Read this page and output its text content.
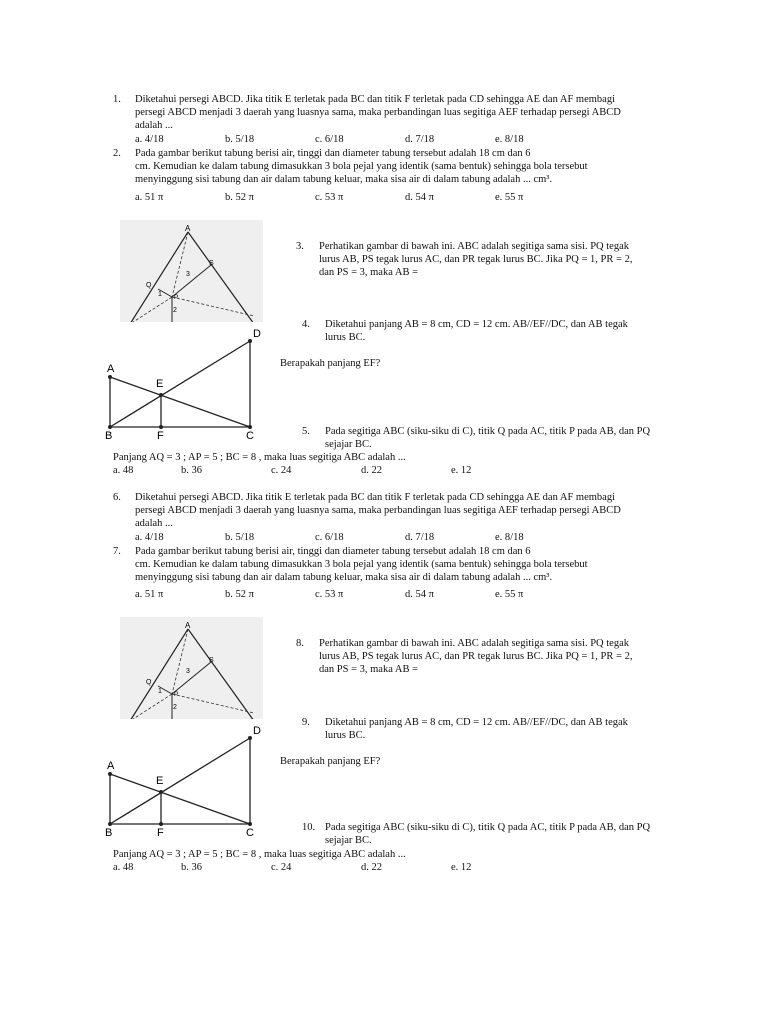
1. Diketahui persegi ABCD. Jika titik E terletak pada BC dan titik F terletak pada CD sehingga AE dan AF membagi
persegi ABCD menjadi 3 daerah yang luasnya sama, maka perbandingan luas segitiga AEF terhadap persegi ABCD
adalah ...
a. 4/18	b. 5/18	c. 6/18	d. 7/18	e. 8/18
2. Pada gambar berikut tabung berisi air, tinggi dan diameter tabung tersebut adalah 18 cm dan 6
cm. Kemudian ke dalam tabung dimasukkan 3 bola pejal yang identik (sama bentuk) sehingga bola tersebut
menyinggung sisi tabung dan air dalam tabung keluar, maka sisa air di dalam tabung adalah ... cm³.
a. 51 π	b. 52 π	c. 53 π	d. 54 π	e. 55 π
A
S
Q
P
1
2
3
3. Perhatikan gambar di bawah ini. ABC adalah segitiga sama sisi. PQ tegak
lurus AB, PS tegak lurus AC, dan PR tegak lurus BC. Jika PQ = 1, PR = 2,
dan PS = 3, maka AB =
A
B	C
D
E
F
4. Diketahui panjang AB = 8 cm, CD = 12 cm. AB//EF//DC, dan AB tegak
lurus BC.
Berapakah panjang EF?
5. Pada segitiga ABC (siku-siku di C), titik Q pada AC, titik P pada AB, dan PQ
sejajar BC.
Panjang AQ = 3 ; AP = 5 ; BC = 8 , maka luas segitiga ABC adalah ...
a. 48	b. 36	c. 24	d. 22	e. 12
6. Diketahui persegi ABCD. Jika titik E terletak pada BC dan titik F terletak pada CD sehingga AE dan AF membagi
persegi ABCD menjadi 3 daerah yang luasnya sama, maka perbandingan luas segitiga AEF terhadap persegi ABCD
adalah ...
a. 4/18	b. 5/18	c. 6/18	d. 7/18	e. 8/18
7. Pada gambar berikut tabung berisi air, tinggi dan diameter tabung tersebut adalah 18 cm dan 6
cm. Kemudian ke dalam tabung dimasukkan 3 bola pejal yang identik (sama bentuk) sehingga bola tersebut
menyinggung sisi tabung dan air dalam tabung keluar, maka sisa air di dalam tabung adalah ... cm³.
a. 51 π	b. 52 π	c. 53 π	d. 54 π	e. 55 π
A
S
Q
P
1
2
3
8. Perhatikan gambar di bawah ini. ABC adalah segitiga sama sisi. PQ tegak
lurus AB, PS tegak lurus AC, dan PR tegak lurus BC. Jika PQ = 1, PR = 2,
dan PS = 3, maka AB =
A
B	C
D
E
F
9. Diketahui panjang AB = 8 cm, CD = 12 cm. AB//EF//DC, dan AB tegak
lurus BC.
Berapakah panjang EF?
10. Pada segitiga ABC (siku-siku di C), titik Q pada AC, titik P pada AB, dan PQ
sejajar BC.
Panjang AQ = 3 ; AP = 5 ; BC = 8 , maka luas segitiga ABC adalah ...
a. 48	b. 36	c. 24	d. 22	e. 12
